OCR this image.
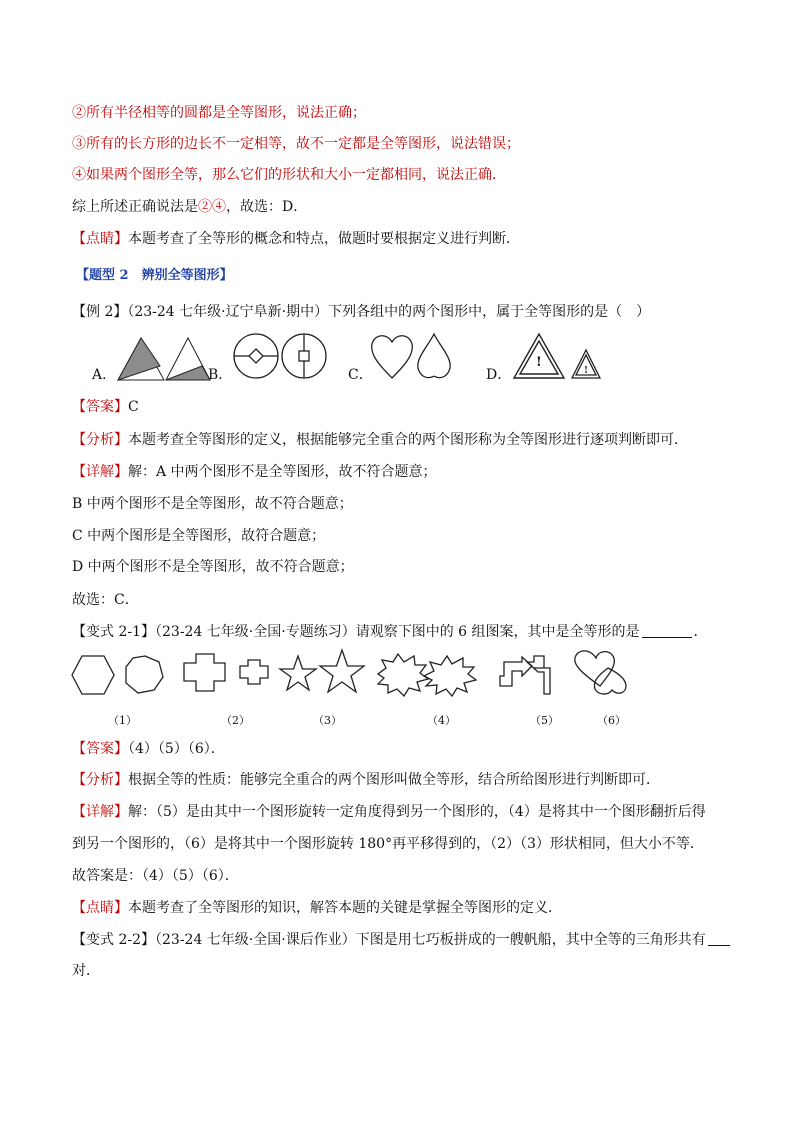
②所有半径相等的圆都是全等图形，说法正确；
③所有的长方形的边长不一定相等，故不一定都是全等图形，说法错误；
④如果两个图形全等，那么它们的形状和大小一定都相同，说法正确．
综上所述正确说法是②④，故选：D．
【点睛】本题考查了全等形的概念和特点，做题时要根据定义进行判断．
【题型 2　辨别全等图形】
【例 2】（23-24 七年级·辽宁阜新·期中）下列各组中的两个图形中，属于全等图形的是（　）
A．	B．	C．	D．
!
!
【答案】C
【分析】本题考查全等图形的定义，根据能够完全重合的两个图形称为全等图形进行逐项判断即可．
【详解】解：A 中两个图形不是全等图形，故不符合题意；
B 中两个图形不是全等图形，故不符合题意；
C 中两个图形是全等图形，故符合题意；
D 中两个图形不是全等图形，故不符合题意；
故选：C．
【变式 2-1】（23-24 七年级·全国·专题练习）请观察下图中的 6 组图案，其中是全等形的是	．
（1）	（2）	（3）	（4）	（5）	（6）
【答案】（4）（5）（6）．
【分析】根据全等的性质：能够完全重合的两个图形叫做全等形，结合所给图形进行判断即可．
【详解】解：（5）是由其中一个图形旋转一定角度得到另一个图形的，（4）是将其中一个图形翻折后得
到另一个图形的，（6）是将其中一个图形旋转 180°再平移得到的，（2）（3）形状相同，但大小不等．
故答案是：（4）（5）（6）．
【点睛】本题考查了全等图形的知识，解答本题的关键是掌握全等图形的定义．
【变式 2-2】（23-24 七年级·全国·课后作业）下图是用七巧板拼成的一艘帆船，其中全等的三角形共有
对．
